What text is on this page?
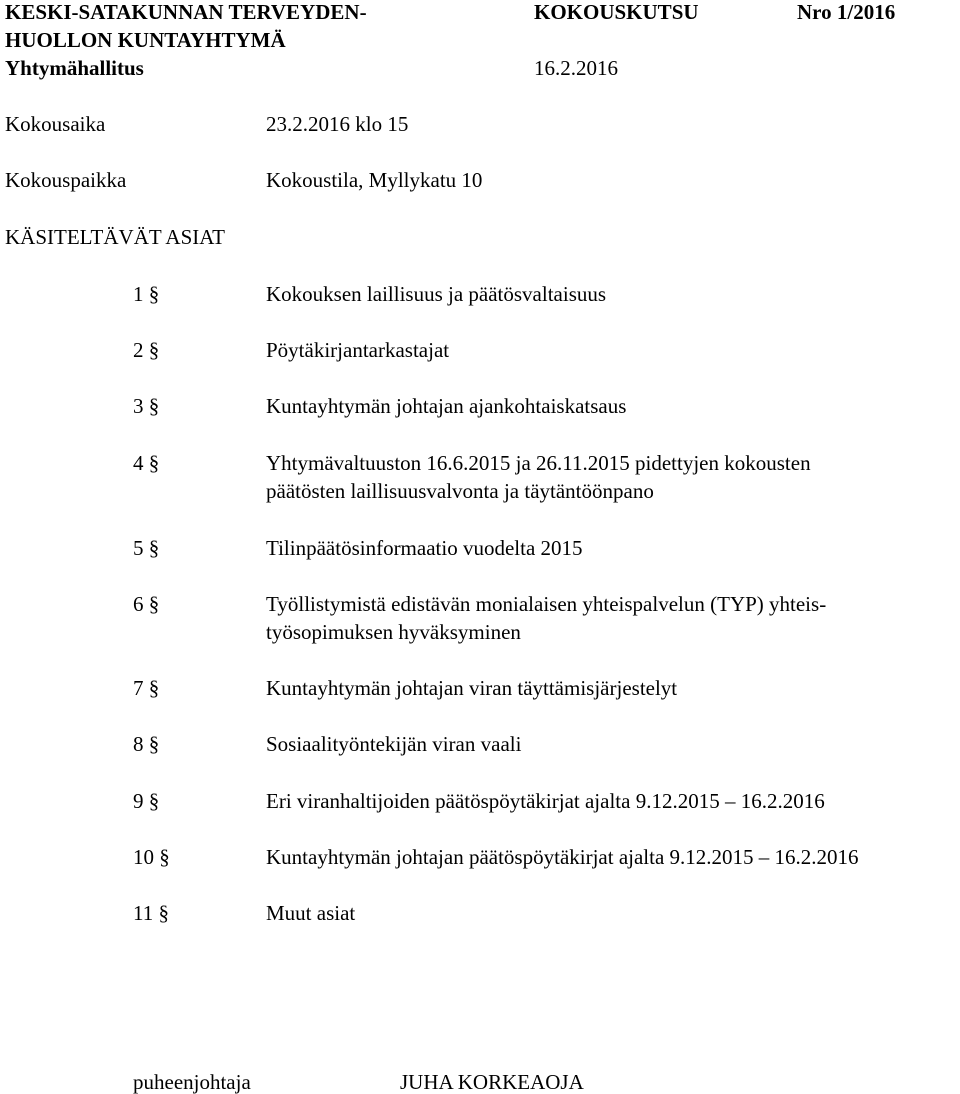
KESKI-SATAKUNNAN TERVEYDEN-
HUOLLON KUNTAYHTYMÄ
Yhtymähallitus
KOKOUSKUTSU	Nro 1/2016
16.2.2016
Kokousaika	23.2.2016 klo 15
Kokouspaikka	Kokoustila, Myllykatu 10
KÄSITELTÄVÄT ASIAT
1 §	Kokouksen laillisuus ja päätösvaltaisuus
2 §	Pöytäkirjantarkastajat
3 §	Kuntayhtymän johtajan ajankohtaiskatsaus
4 §	Yhtymävaltuuston 16.6.2015 ja 26.11.2015 pidettyjen kokousten
päätösten laillisuusvalvonta ja täytäntöönpano
5 §	Tilinpäätösinformaatio vuodelta 2015
6 §	Työllistymistä edistävän monialaisen yhteispalvelun (TYP) yhteis-
työsopimuksen hyväksyminen
7 §	Kuntayhtymän johtajan viran täyttämisjärjestelyt
8 §	Sosiaalityöntekijän viran vaali
9 §	Eri viranhaltijoiden päätöspöytäkirjat ajalta 9.12.2015 – 16.2.2016
10 §	Kuntayhtymän johtajan päätöspöytäkirjat ajalta 9.12.2015 – 16.2.2016
11 §	Muut asiat
puheenjohtaja	JUHA KORKEAOJA
